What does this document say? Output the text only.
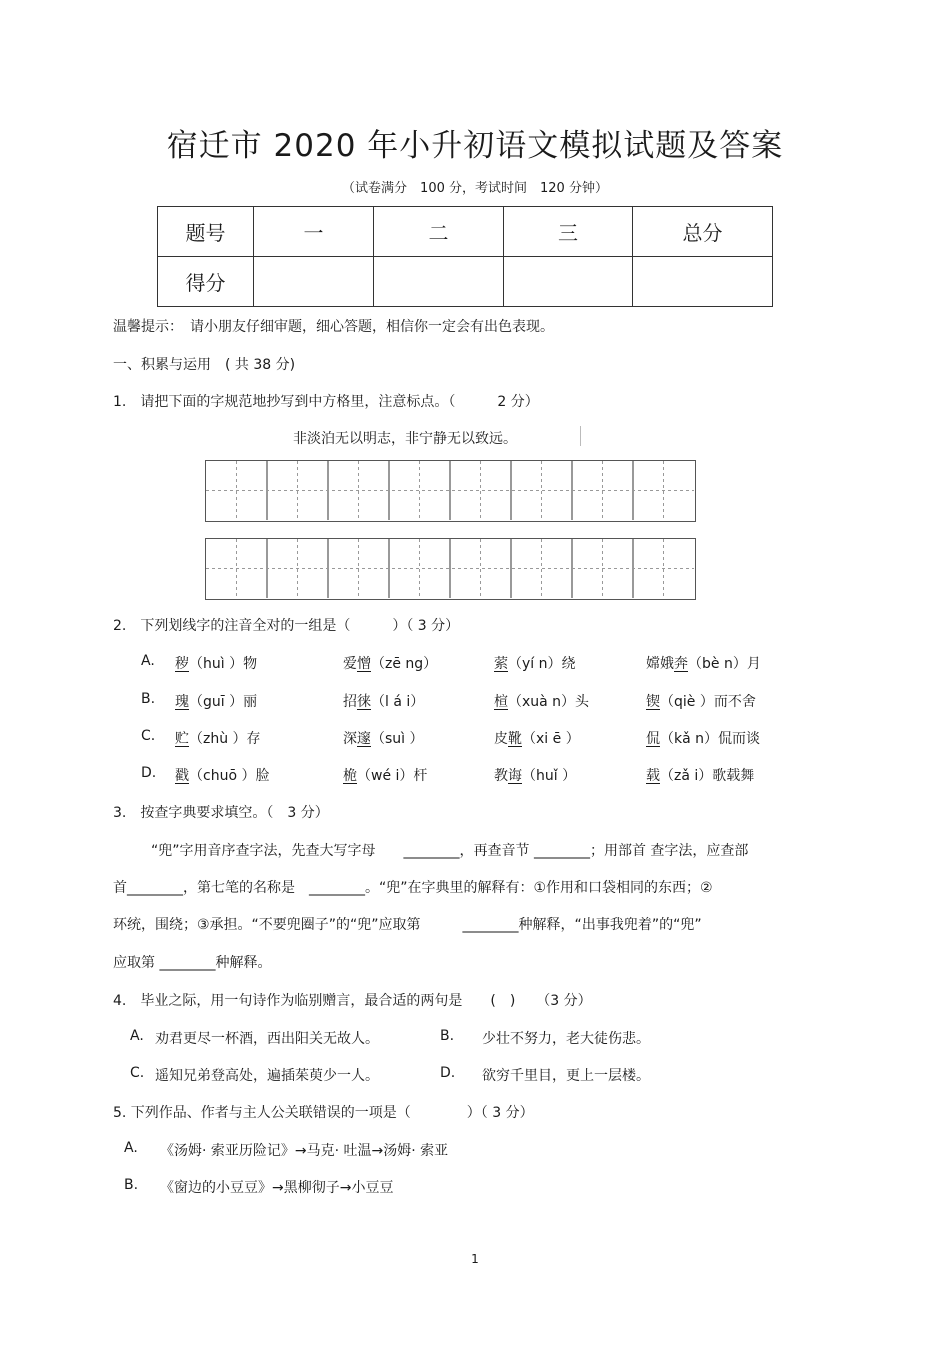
宿迁市 2020 年小升初语文模拟试题及答案
（试卷满分　100 分，考试时间　120 分钟）
题号	一	二	三	总分
得分				
温馨提示：　请小朋友仔细审题，细心答题，相信你一定会有出色表现。
一、积累与运用　( 共 38 分)
1.　请把下面的字规范地抄写到中方格里，注意标点。（　　　2 分）
非淡泊无以明志，非宁静无以致远。
2.　下列划线字的注音全对的一组是（　　　）（ 3 分）
A. 秽（huì ）物	爱憎（zē ng）	萦（yí n）绕	嫦娥奔（bè n）月
B. 瑰（guī ）丽	招徕（l á i）	楦（xuà n）头	锲（qiè ）而不舍
C. 贮（zhù ）存	深邃（suì ）	皮靴（xi ē ）	侃（kǎ n）侃而谈
D. 戳（chuō ）脸	桅（wé i）杆	教诲（huǐ ）	载（zǎ i）歌载舞
3.　按查字典要求填空。（　3 分）
“兜”字用音序查字法，先查大写字母　　________，再查音节 ________；用部首 查字法，应查部
首________，第七笔的名称是　________。“兜”在字典里的解释有：①作用和口袋相同的东西；②
环统，围绕；③承担。“不要兜圈子”的“兜”应取第　　　________种解释，“出事我兜着”的“兜”
应取第 ________种解释。
4.　毕业之际，用一句诗作为临别赠言，最合适的两句是　　(　)　　（3 分）
A. 劝君更尽一杯酒，西出阳关无故人。	B. 少壮不努力，老大徒伤悲。
C. 遥知兄弟登高处，遍插茱萸少一人。	D. 欲穷千里目，更上一层楼。
5. 下列作品、作者与主人公关联错误的一项是（　　　　）（ 3 分）
A. 《汤姆· 索亚历险记》→马克· 吐温→汤姆· 索亚
B. 《窗边的小豆豆》→黑柳彻子→小豆豆
1
